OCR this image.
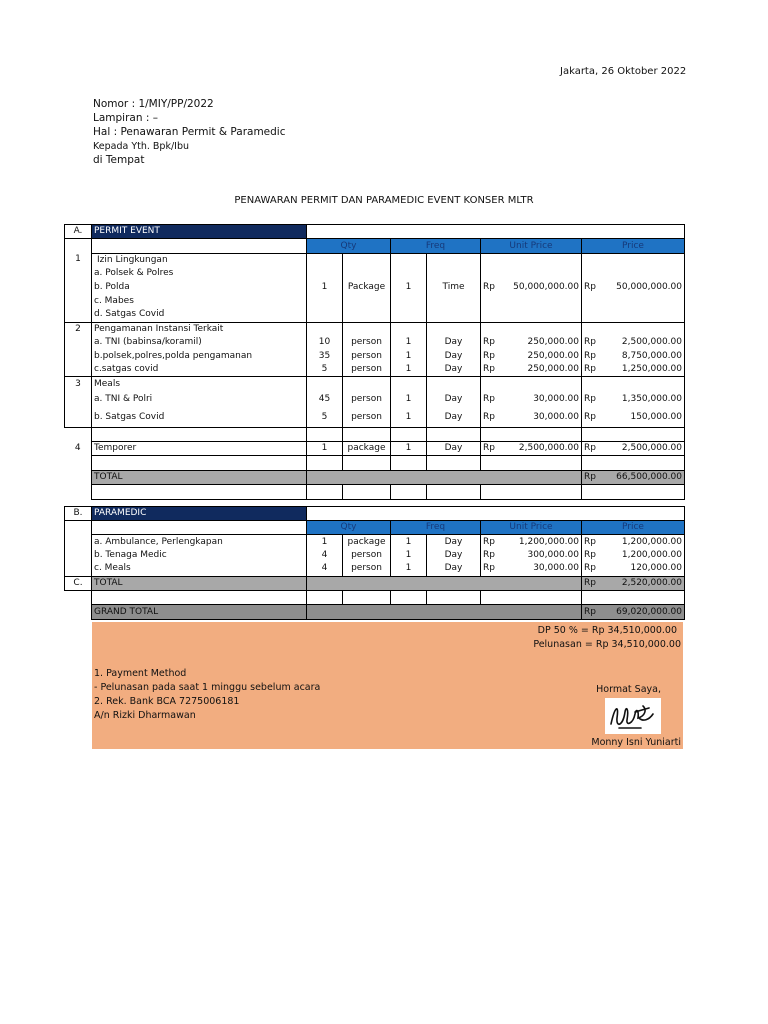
Jakarta, 26 Oktober 2022
Nomor : 1/MIY/PP/2022
Lampiran : –
Hal : Penawaran Permit & Paramedic
Kepada Yth. Bpk/Ibu
di Tempat
PENAWARAN PERMIT DAN PARAMEDIC EVENT KONSER MLTR
A.	PERMIT EVENT								
		Qty		Freq		Unit Price		Price	
1	Izin Lingkungan
a. Polsek & Polres
b. Polda
c. Mabes
d. Satgas Covid	1	Package	1	Time	Rp	50,000,000.00	Rp	50,000,000.00
2	Pengamanan Instansi Terkait								
	a. TNI (babinsa/koramil)	10	person	1	Day	Rp	250,000.00	Rp	2,500,000.00
	b.polsek,polres,polda pengamanan	35	person	1	Day	Rp	250,000.00	Rp	8,750,000.00
	c.satgas covid	5	person	1	Day	Rp	250,000.00	Rp	1,250,000.00
3	Meals								
	a. TNI & Polri	45	person	1	Day	Rp	30,000.00	Rp	1,350,000.00
	b. Satgas Covid	5	person	1	Day	Rp	30,000.00	Rp	150,000.00

4	Temporer	1	package	1	Day	Rp	2,500,000.00	Rp	2,500,000.00

	TOTAL							Rp	66,500,000.00

B.	PARAMEDIC								
		Qty		Freq		Unit Price		Price	
	a. Ambulance, Perlengkapan	1	package	1	Day	Rp	1,200,000.00	Rp	1,200,000.00
	b. Tenaga Medic	4	person	1	Day	Rp	300,000.00	Rp	1,200,000.00
	c. Meals	4	person	1	Day	Rp	30,000.00	Rp	120,000.00
C.	TOTAL							Rp	2,520,000.00

	GRAND TOTAL							Rp	69,020,000.00
DP 50 % = Rp 34,510,000.00
Pelunasan = Rp 34,510,000.00
1. Payment Method
- Pelunasan pada saat 1 minggu sebelum acara
2. Rek. Bank BCA 7275006181
A/n Rizki Dharmawan
Hormat Saya,
Monny Isni Yuniarti
